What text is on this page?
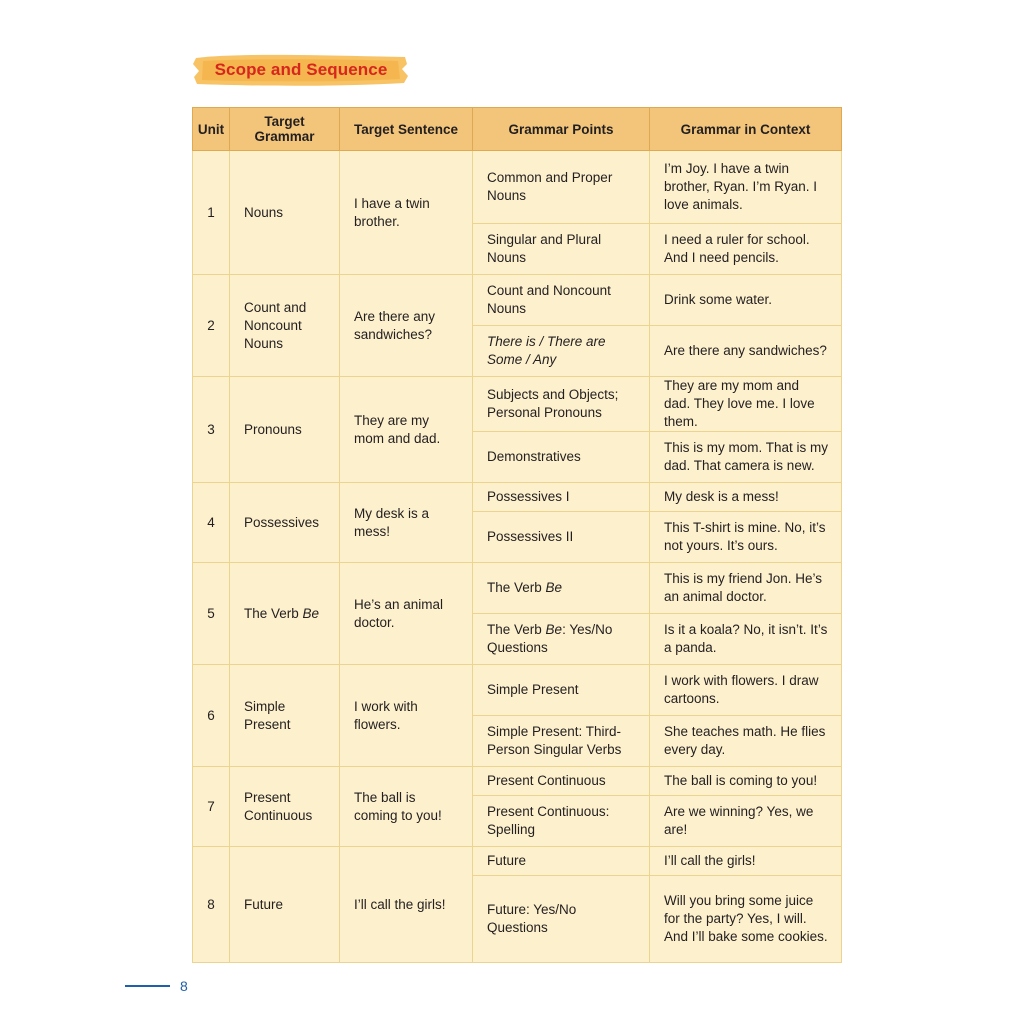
Scope and Sequence
Unit	Target Grammar	Target Sentence	Grammar Points	Grammar in Context
1	Nouns	I have a twin brother.	Common and Proper Nouns	I’m Joy. I have a twin brother, Ryan. I’m Ryan. I love animals.
			Singular and Plural Nouns	I need a ruler for school. And I need pencils.
2	Count and Noncount Nouns	Are there any sandwiches?	Count and Noncount Nouns	Drink some water.
			There is / There are Some / Any	Are there any sandwiches?
3	Pronouns	They are my mom and dad.	Subjects and Objects; Personal Pronouns	They are my mom and dad. They love me. I love them.
			Demonstratives	This is my mom. That is my dad. That camera is new.
4	Possessives	My desk is a mess!	Possessives I	My desk is a mess!
			Possessives II	This T-shirt is mine. No, it’s not yours. It’s ours.
5	The Verb Be	He’s an animal doctor.	The Verb Be	This is my friend Jon. He’s an animal doctor.
			The Verb Be: Yes/No Questions	Is it a koala? No, it isn’t. It’s a panda.
6	Simple Present	I work with flowers.	Simple Present	I work with flowers. I draw cartoons.
			Simple Present: Third-Person Singular Verbs	She teaches math. He flies every day.
7	Present Continuous	The ball is coming to you!	Present Continuous	The ball is coming to you!
			Present Continuous: Spelling	Are we winning? Yes, we are!
8	Future	I’ll call the girls!	Future	I’ll call the girls!
			Future: Yes/No Questions	Will you bring some juice for the party? Yes, I will. And I’ll bake some cookies.
8
